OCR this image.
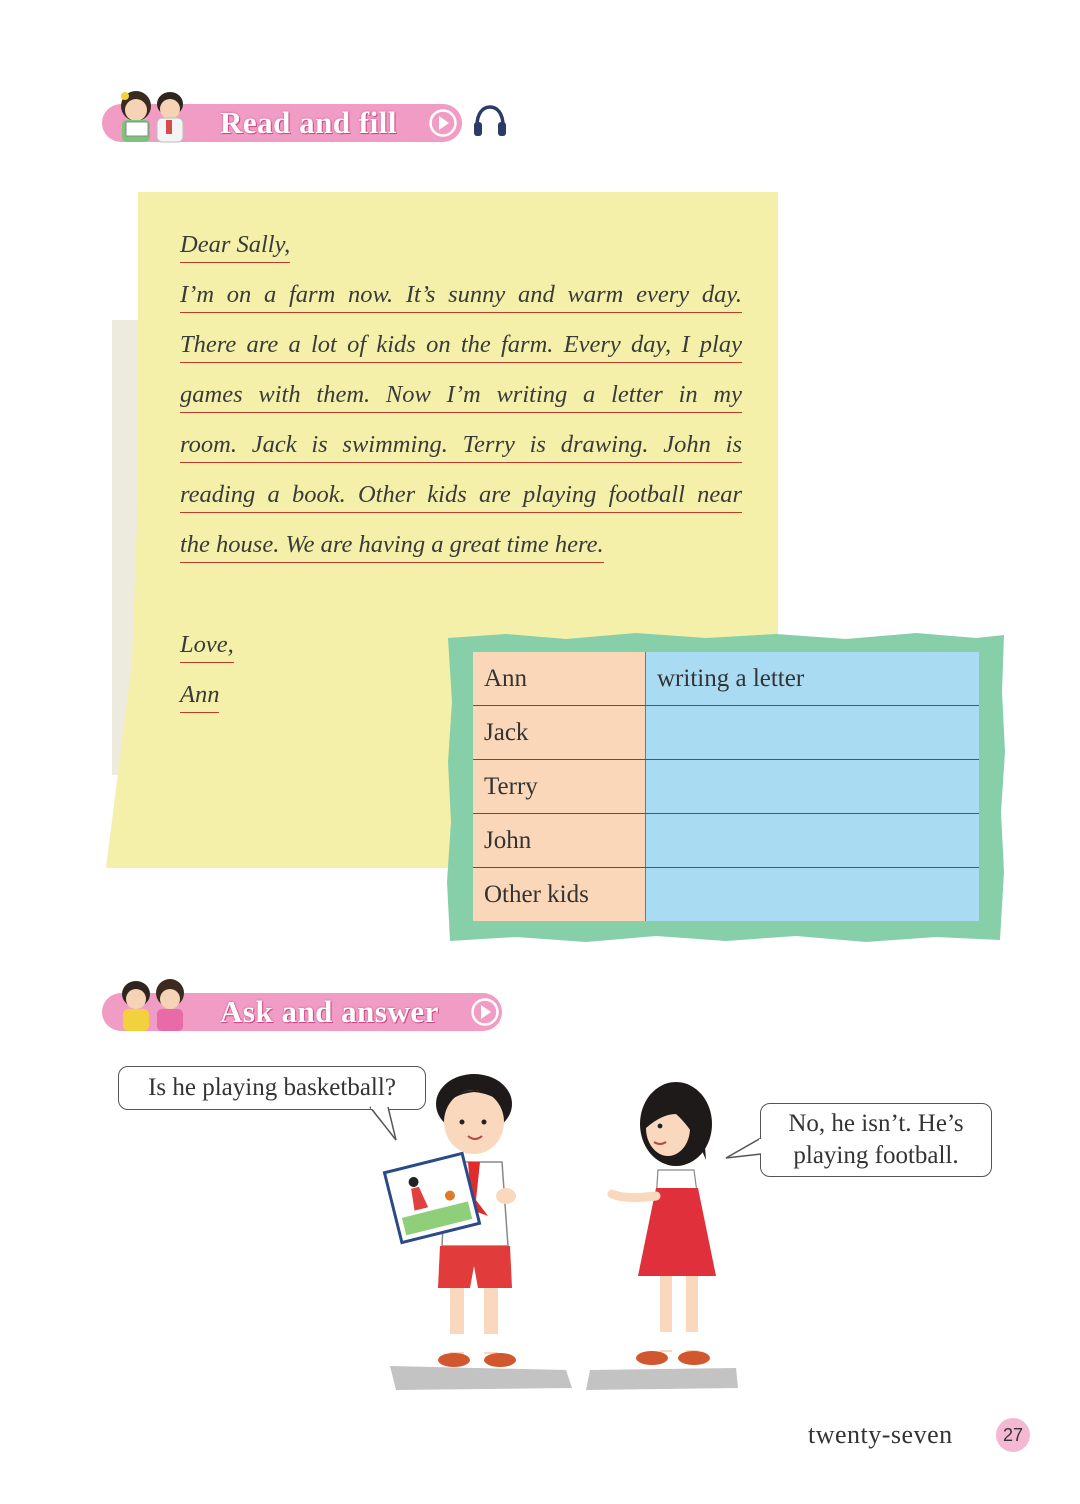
Read and fill
Dear Sally,
I’m on a farm now. It’s sunny and warm every day.
There are a lot of kids on the farm. Every day, I play
games with them. Now I’m writing a letter in my
room. Jack is swimming. Terry is drawing. John is
reading a book. Other kids are playing football near
the house. We are having a great time here.
Love,
Ann
Ann	writing a letter
Jack	
Terry	
John	
Other kids	
Ask and answer
Is he playing basketball?
No, he isn’t. He’s
playing football.
twenty-seven	27
